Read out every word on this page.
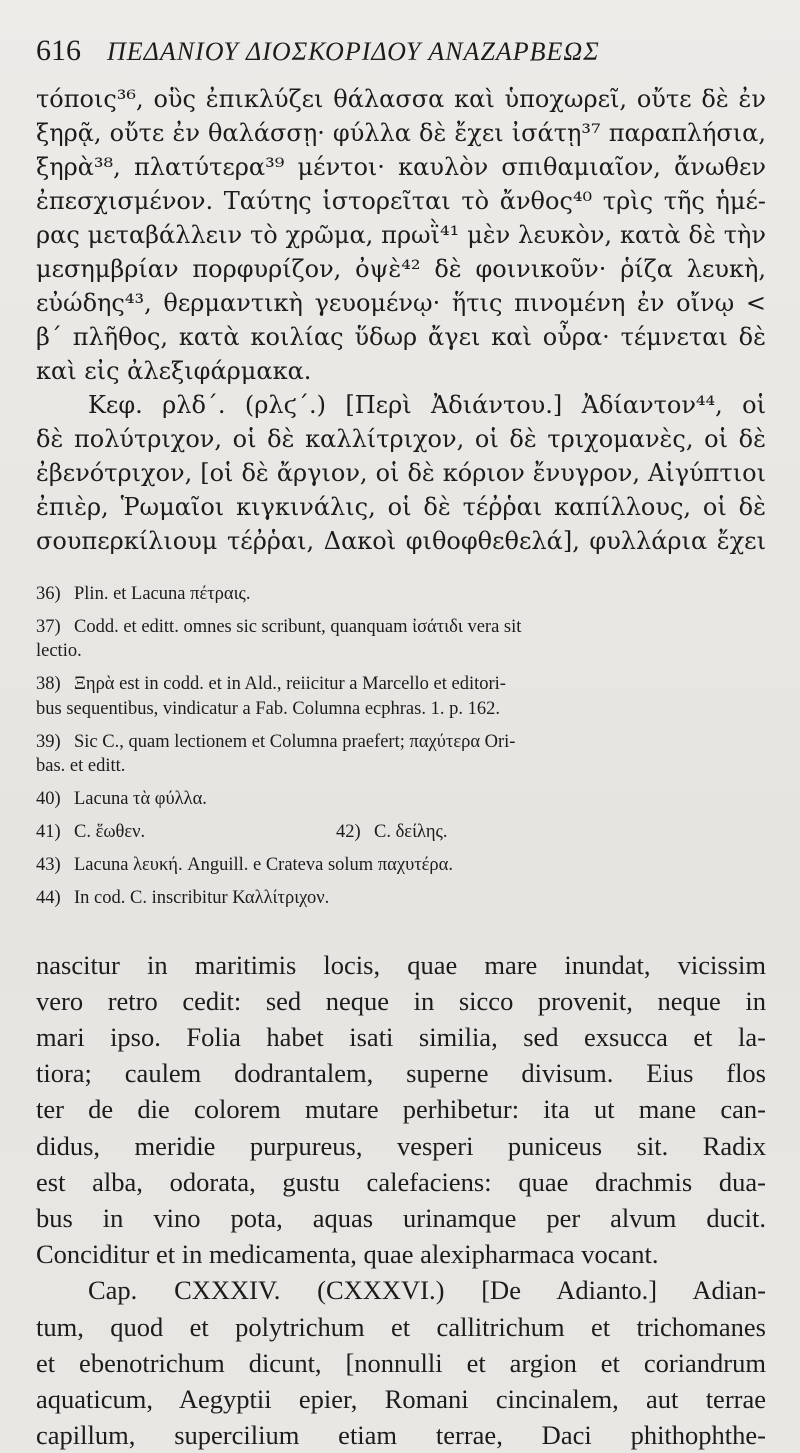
616 ΠΕΔΑΝΙΟΥ ΔΙΟΣΚΟΡΙΔΟΥ ΑΝΑΖΑΡΒΕΩΣ

τόποις³⁶, οὓς ἐπικλύζει θάλασσα καὶ ὑποχωρεῖ, οὔτε δὲ ἐν

ξηρᾷ, οὔτε ἐν θαλάσσῃ· φύλλα δὲ ἔχει ἰσάτῃ³⁷ παραπλήσια,

ξηρὰ³⁸, πλατύτερα³⁹ μέντοι· καυλὸν σπιθαμιαῖον, ἄνωθεν

ἐπεσχισμένον. Ταύτης ἱστορεῖται τὸ ἄνθος⁴⁰ τρὶς τῆς ἡμέ-

ρας μεταβάλλειν τὸ χρῶμα, πρωῒ⁴¹ μὲν λευκὸν, κατὰ δὲ τὴν

μεσημβρίαν πορφυρίζον, ὀψὲ⁴² δὲ φοινικοῦν· ῥίζα λευκὴ,

εὐώδης⁴³, θερμαντικὴ γευομένῳ· ἥτις πινομένη ἐν οἴνῳ <

β΄ πλῆθος, κατὰ κοιλίας ὕδωρ ἄγει καὶ οὖρα· τέμνεται δὲ

καὶ εἰς ἀλεξιφάρμακα.

Κεφ. ρλδ΄. (ρλϛ΄.) [Περὶ Ἀδιάντου.] Ἀδίαντον⁴⁴, οἱ

δὲ πολύτριχον, οἱ δὲ καλλίτριχον, οἱ δὲ τριχομανὲς, οἱ δὲ

ἐβενότριχον, [οἱ δὲ ἄργιον, οἱ δὲ κόριον ἔνυγρον, Αἰγύπτιοι

ἐπιὲρ, Ῥωμαῖοι κιγκινάλις, οἱ δὲ τέῤῥαι καπίλλους, οἱ δὲ

σουπερκίλιουμ τέῤῥαι, Δακοὶ φιθοφθεθελά], φυλλάρια ἔχει

36) Plin. et Lacuna πέτραις.

37) Codd. et editt. omnes sic scribunt, quanquam ἰσάτιδι vera sit
lectio.

38) Ξηρὰ est in codd. et in Ald., reiicitur a Marcello et editori-
bus sequentibus, vindicatur a Fab. Columna ecphras. 1. p. 162.

39) Sic C., quam lectionem et Columna praefert; παχύτερα Ori-
bas. et editt.

40) Lacuna τὰ φύλλα.

41) C. ἕωθεν.	42) C. δείλης.

43) Lacuna λευκή. Anguill. e Crateva solum παχυτέρα.

44) In cod. C. inscribitur Καλλίτριχον.

nascitur in maritimis locis, quae mare inundat, vicissim

vero retro cedit: sed neque in sicco provenit, neque in

mari ipso. Folia habet isati similia, sed exsucca et la-

tiora; caulem dodrantalem, superne divisum. Eius flos

ter de die colorem mutare perhibetur: ita ut mane can-

didus, meridie purpureus, vesperi puniceus sit. Radix

est alba, odorata, gustu calefaciens: quae drachmis dua-

bus in vino pota, aquas urinamque per alvum ducit.

Conciditur et in medicamenta, quae alexipharmaca vocant.

Cap. CXXXIV. (CXXXVI.) [De Adianto.] Adian-

tum, quod et polytrichum et callitrichum et trichomanes

et ebenotrichum dicunt, [nonnulli et argion et coriandrum

aquaticum, Aegyptii epier, Romani cincinalem, aut terrae

capillum, supercilium etiam terrae, Daci phithophthe-
